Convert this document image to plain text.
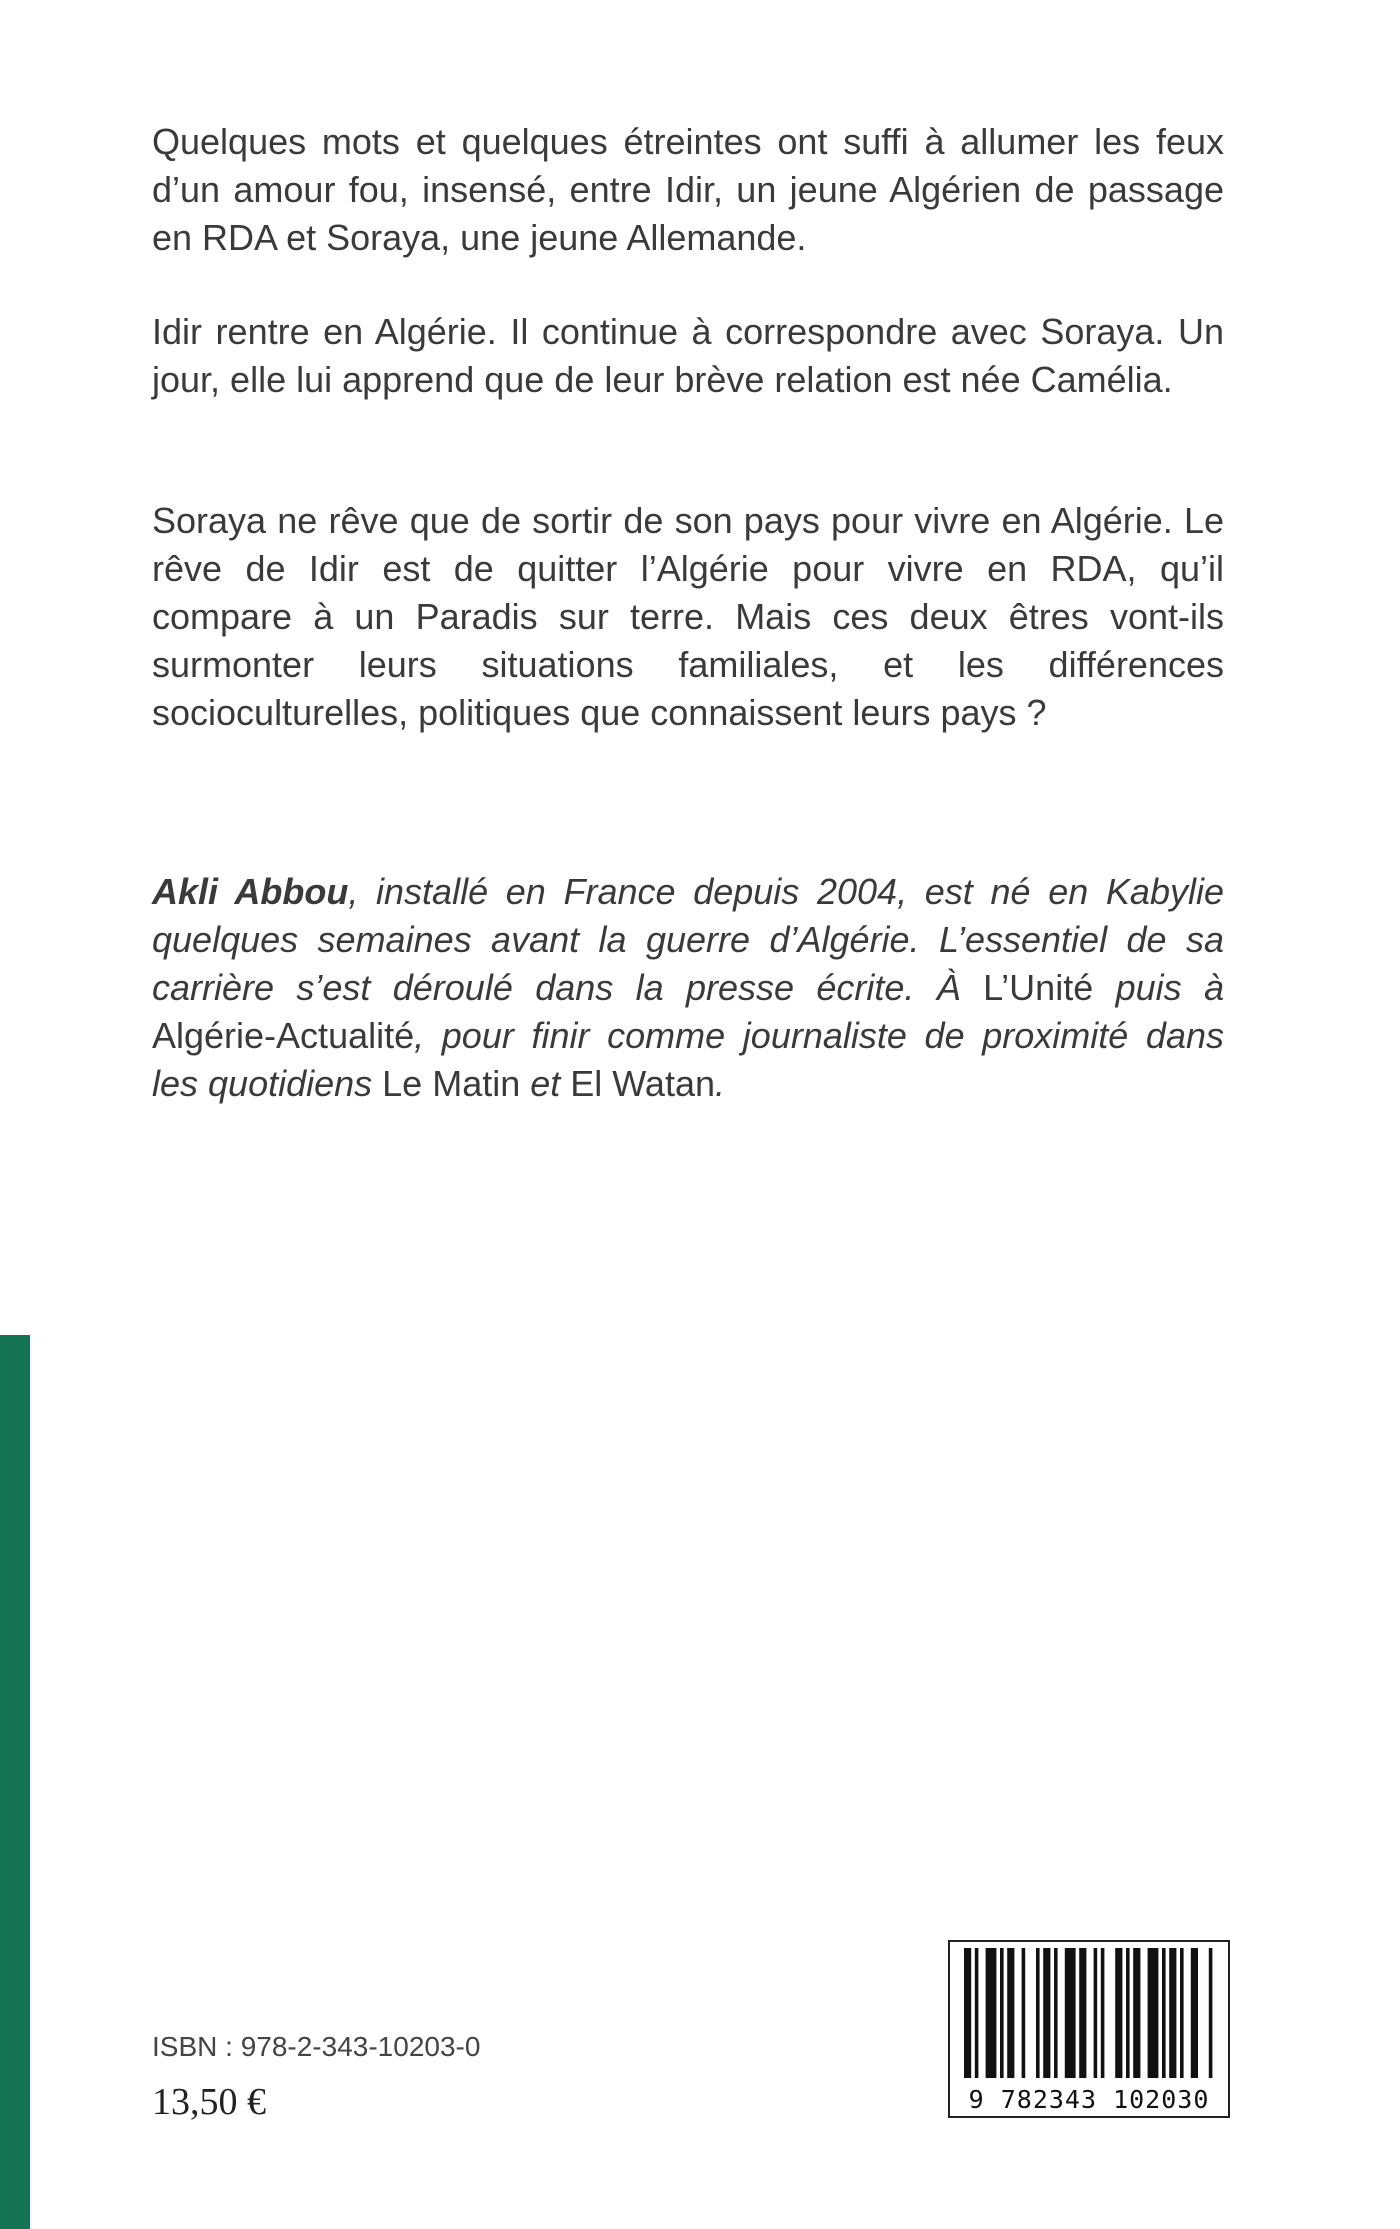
Quelques mots et quelques étreintes ont suffi à allumer les feux d’un amour fou, insensé, entre Idir, un jeune Algérien de passage en RDA et Soraya, une jeune Allemande.

Idir rentre en Algérie. Il continue à correspondre avec Soraya. Un jour, elle lui apprend que de leur brève relation est née Camélia.

Soraya ne rêve que de sortir de son pays pour vivre en Algérie. Le rêve de Idir est de quitter l’Algérie pour vivre en RDA, qu’il compare à un Paradis sur terre. Mais ces deux êtres vont-ils surmonter leurs situations familiales, et les différences socioculturelles, politiques que connaissent leurs pays ?

Akli Abbou, installé en France depuis 2004, est né en Kabylie quelques semaines avant la guerre d’Algérie. L’essentiel de sa carrière s’est déroulé dans la presse écrite. À L’Unité puis à Algérie-Actualité, pour finir comme journaliste de proximité dans les quotidiens Le Matin et El Watan.

ISBN : 978-2-343-10203-0
13,50 €	9 782343 102030
